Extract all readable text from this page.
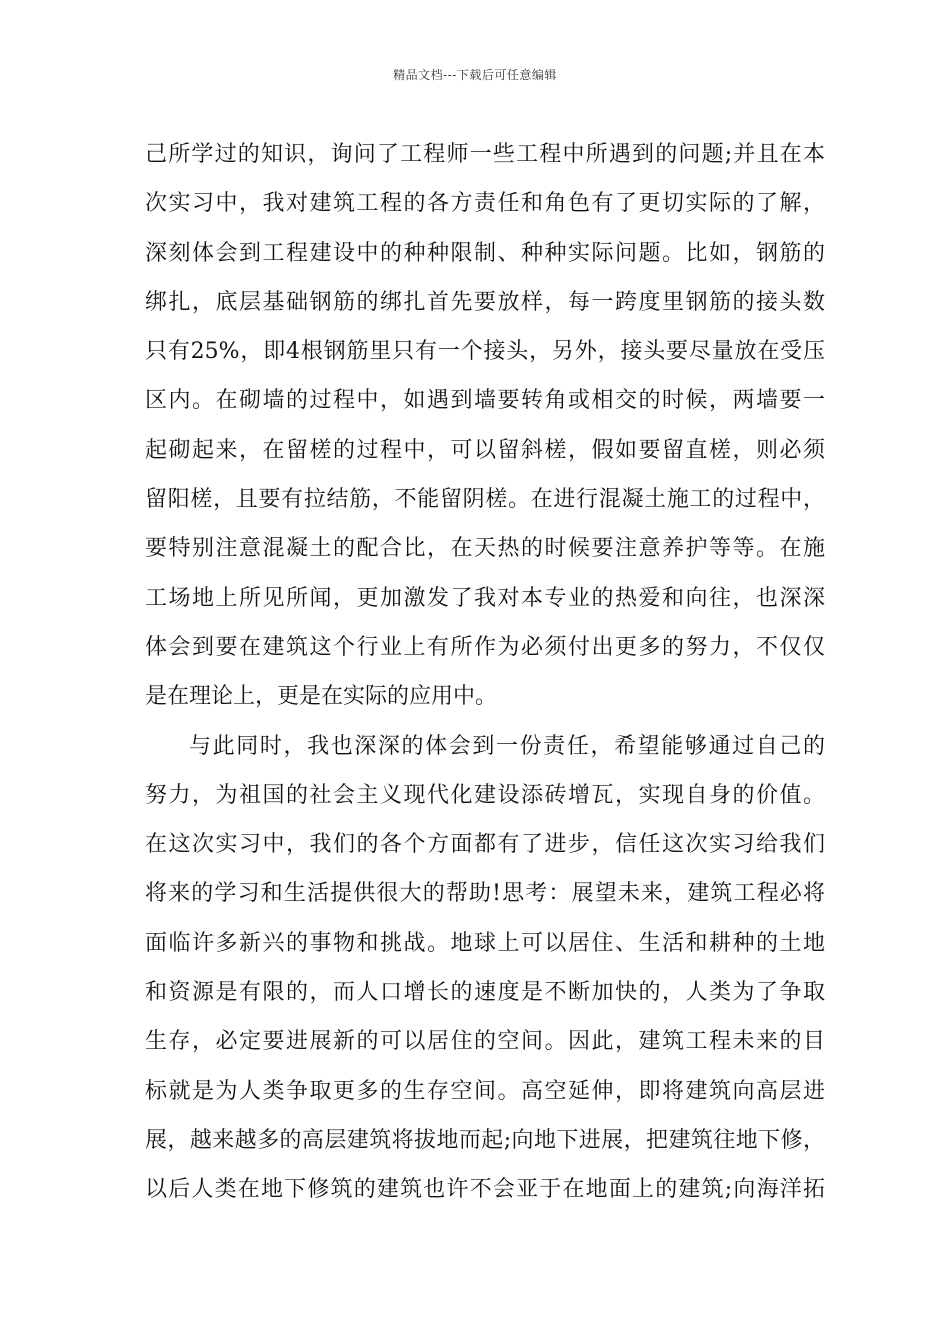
精品文档---下载后可任意编辑
己所学过的知识，询问了工程师一些工程中所遇到的问题;并且在本
次实习中，我对建筑工程的各方责任和角色有了更切实际的了解，
深刻体会到工程建设中的种种限制、种种实际问题。比如，钢筋的
绑扎，底层基础钢筋的绑扎首先要放样，每一跨度里钢筋的接头数
只有25%，即4根钢筋里只有一个接头，另外，接头要尽量放在受压
区内。在砌墙的过程中，如遇到墙要转角或相交的时候，两墙要一
起砌起来，在留槎的过程中，可以留斜槎，假如要留直槎，则必须
留阳槎，且要有拉结筋，不能留阴槎。在进行混凝土施工的过程中，
要特别注意混凝土的配合比，在天热的时候要注意养护等等。在施
工场地上所见所闻，更加激发了我对本专业的热爱和向往，也深深
体会到要在建筑这个行业上有所作为必须付出更多的努力，不仅仅
是在理论上，更是在实际的应用中。
与此同时，我也深深的体会到一份责任，希望能够通过自己的
努力，为祖国的社会主义现代化建设添砖增瓦，实现自身的价值。
在这次实习中，我们的各个方面都有了进步，信任这次实习给我们
将来的学习和生活提供很大的帮助!思考：展望未来，建筑工程必将
面临许多新兴的事物和挑战。地球上可以居住、生活和耕种的土地
和资源是有限的，而人口增长的速度是不断加快的，人类为了争取
生存，必定要进展新的可以居住的空间。因此，建筑工程未来的目
标就是为人类争取更多的生存空间。高空延伸，即将建筑向高层进
展，越来越多的高层建筑将拔地而起;向地下进展，把建筑往地下修，
以后人类在地下修筑的建筑也许不会亚于在地面上的建筑;向海洋拓
